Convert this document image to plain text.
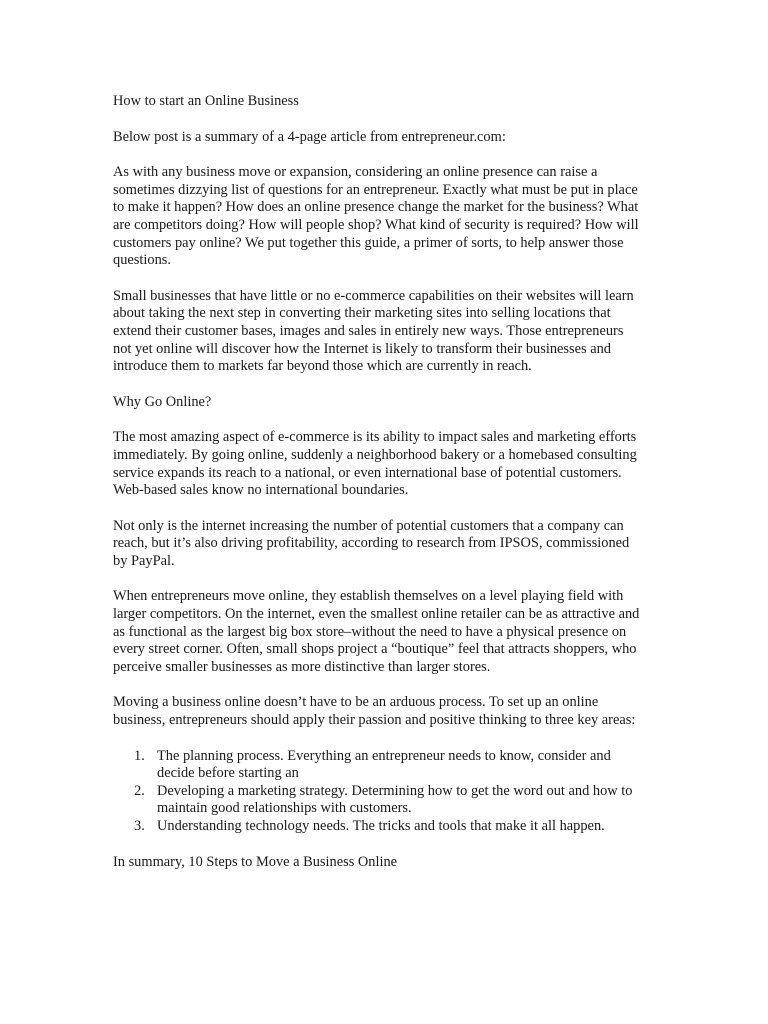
How to start an Online Business

Below post is a summary of a 4-page article from entrepreneur.com:

As with any business move or expansion, considering an online presence can raise a sometimes dizzying list of questions for an entrepreneur. Exactly what must be put in place to make it happen? How does an online presence change the market for the business? What are competitors doing? How will people shop? What kind of security is required? How will customers pay online? We put together this guide, a primer of sorts, to help answer those questions.

Small businesses that have little or no e-commerce capabilities on their websites will learn about taking the next step in converting their marketing sites into selling locations that extend their customer bases, images and sales in entirely new ways. Those entrepreneurs not yet online will discover how the Internet is likely to transform their businesses and introduce them to markets far beyond those which are currently in reach.

Why Go Online?

The most amazing aspect of e-commerce is its ability to impact sales and marketing efforts immediately. By going online, suddenly a neighborhood bakery or a homebased consulting service expands its reach to a national, or even international base of potential customers. Web-based sales know no international boundaries.

Not only is the internet increasing the number of potential customers that a company can reach, but it’s also driving profitability, according to research from IPSOS, commissioned by PayPal.

When entrepreneurs move online, they establish themselves on a level playing field with larger competitors. On the internet, even the smallest online retailer can be as attractive and as functional as the largest big box store–without the need to have a physical presence on every street corner. Often, small shops project a “boutique” feel that attracts shoppers, who perceive smaller businesses as more distinctive than larger stores.

Moving a business online doesn’t have to be an arduous process. To set up an online business, entrepreneurs should apply their passion and positive thinking to three key areas:

1. The planning process. Everything an entrepreneur needs to know, consider and decide before starting an
2. Developing a marketing strategy. Determining how to get the word out and how to maintain good relationships with customers.
3. Understanding technology needs. The tricks and tools that make it all happen.

In summary, 10 Steps to Move a Business Online
